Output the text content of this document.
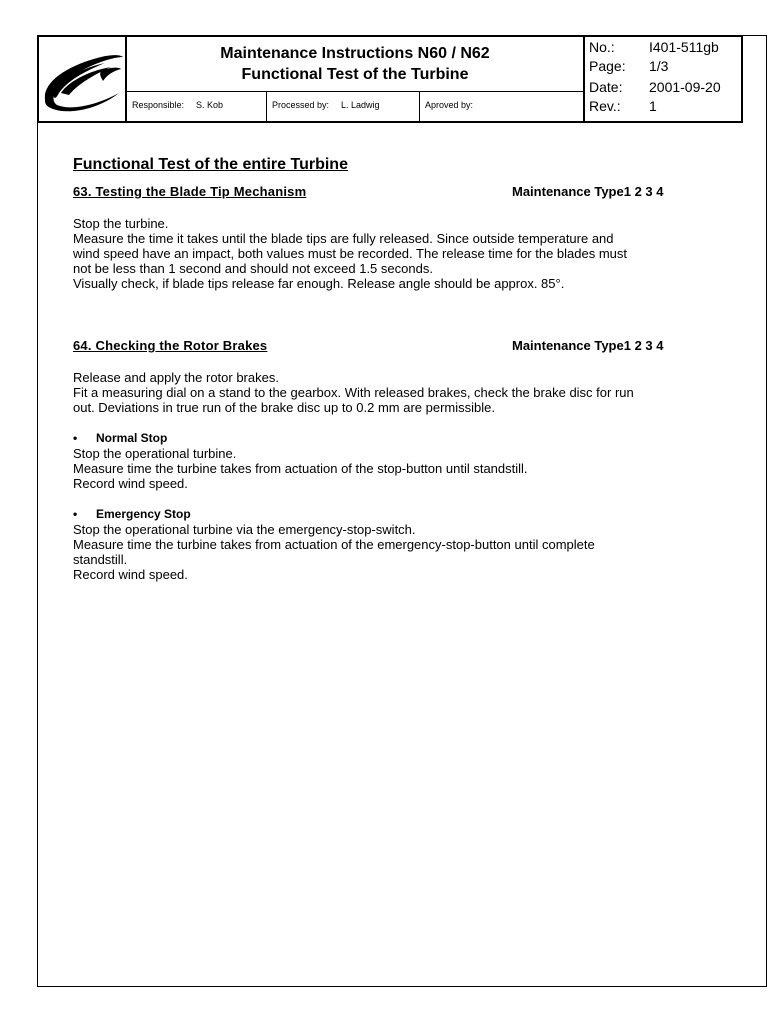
Maintenance Instructions N60 / N62
Functional Test of the Turbine
Responsible: S. Kob	Processed by: L. Ladwig	Aproved by:
No.: I401-511gb
Page: 1/3
Date: 2001-09-20
Rev.: 1
Functional Test of the entire Turbine
63. Testing the Blade Tip Mechanism	Maintenance Type1 2 3 4

Stop the turbine.

Measure the time it takes until the blade tips are fully released. Since outside temperature and

wind speed have an impact, both values must be recorded. The release time for the blades must

not be less than 1 second and should not exceed 1.5 seconds.

Visually check, if blade tips release far enough. Release angle should be approx. 85°.

64. Checking the Rotor Brakes	Maintenance Type1 2 3 4

Release and apply the rotor brakes.

Fit a measuring dial on a stand to the gearbox. With released brakes, check the brake disc for run

out. Deviations in true run of the brake disc up to 0.2 mm are permissible.

• Normal Stop

Stop the operational turbine.

Measure time the turbine takes from actuation of the stop-button until standstill.

Record wind speed.

• Emergency Stop

Stop the operational turbine via the emergency-stop-switch.

Measure time the turbine takes from actuation of the emergency-stop-button until complete

standstill.

Record wind speed.
